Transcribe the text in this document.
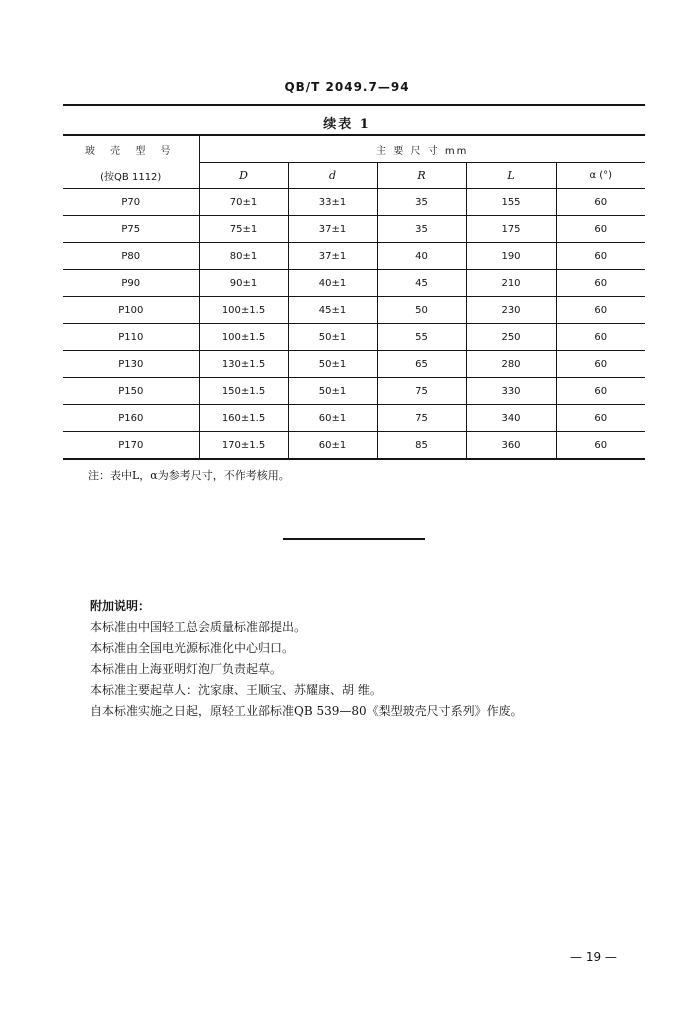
QB/T 2049.7—94
续表 1
玻 壳 型 号	主 要 尺 寸 mm				
(按QB 1112)	D	d	R	L	α (°)
P70	70±1	33±1	35	155	60
P75	75±1	37±1	35	175	60
P80	80±1	37±1	40	190	60
P90	90±1	40±1	45	210	60
P100	100±1.5	45±1	50	230	60
P110	100±1.5	50±1	55	250	60
P130	130±1.5	50±1	65	280	60
P150	150±1.5	50±1	75	330	60
P160	160±1.5	60±1	75	340	60
P170	170±1.5	60±1	85	360	60
注：表中L，α为参考尺寸，不作考核用。
附加说明：
本标准由中国轻工总会质量标准部提出。
本标准由全国电光源标准化中心归口。
本标准由上海亚明灯泡厂负责起草。
本标准主要起草人：沈家康、王顺宝、苏耀康、胡 维。
自本标准实施之日起，原轻工业部标准QB 539—80《梨型玻壳尺寸系列》作废。
— 19 —
